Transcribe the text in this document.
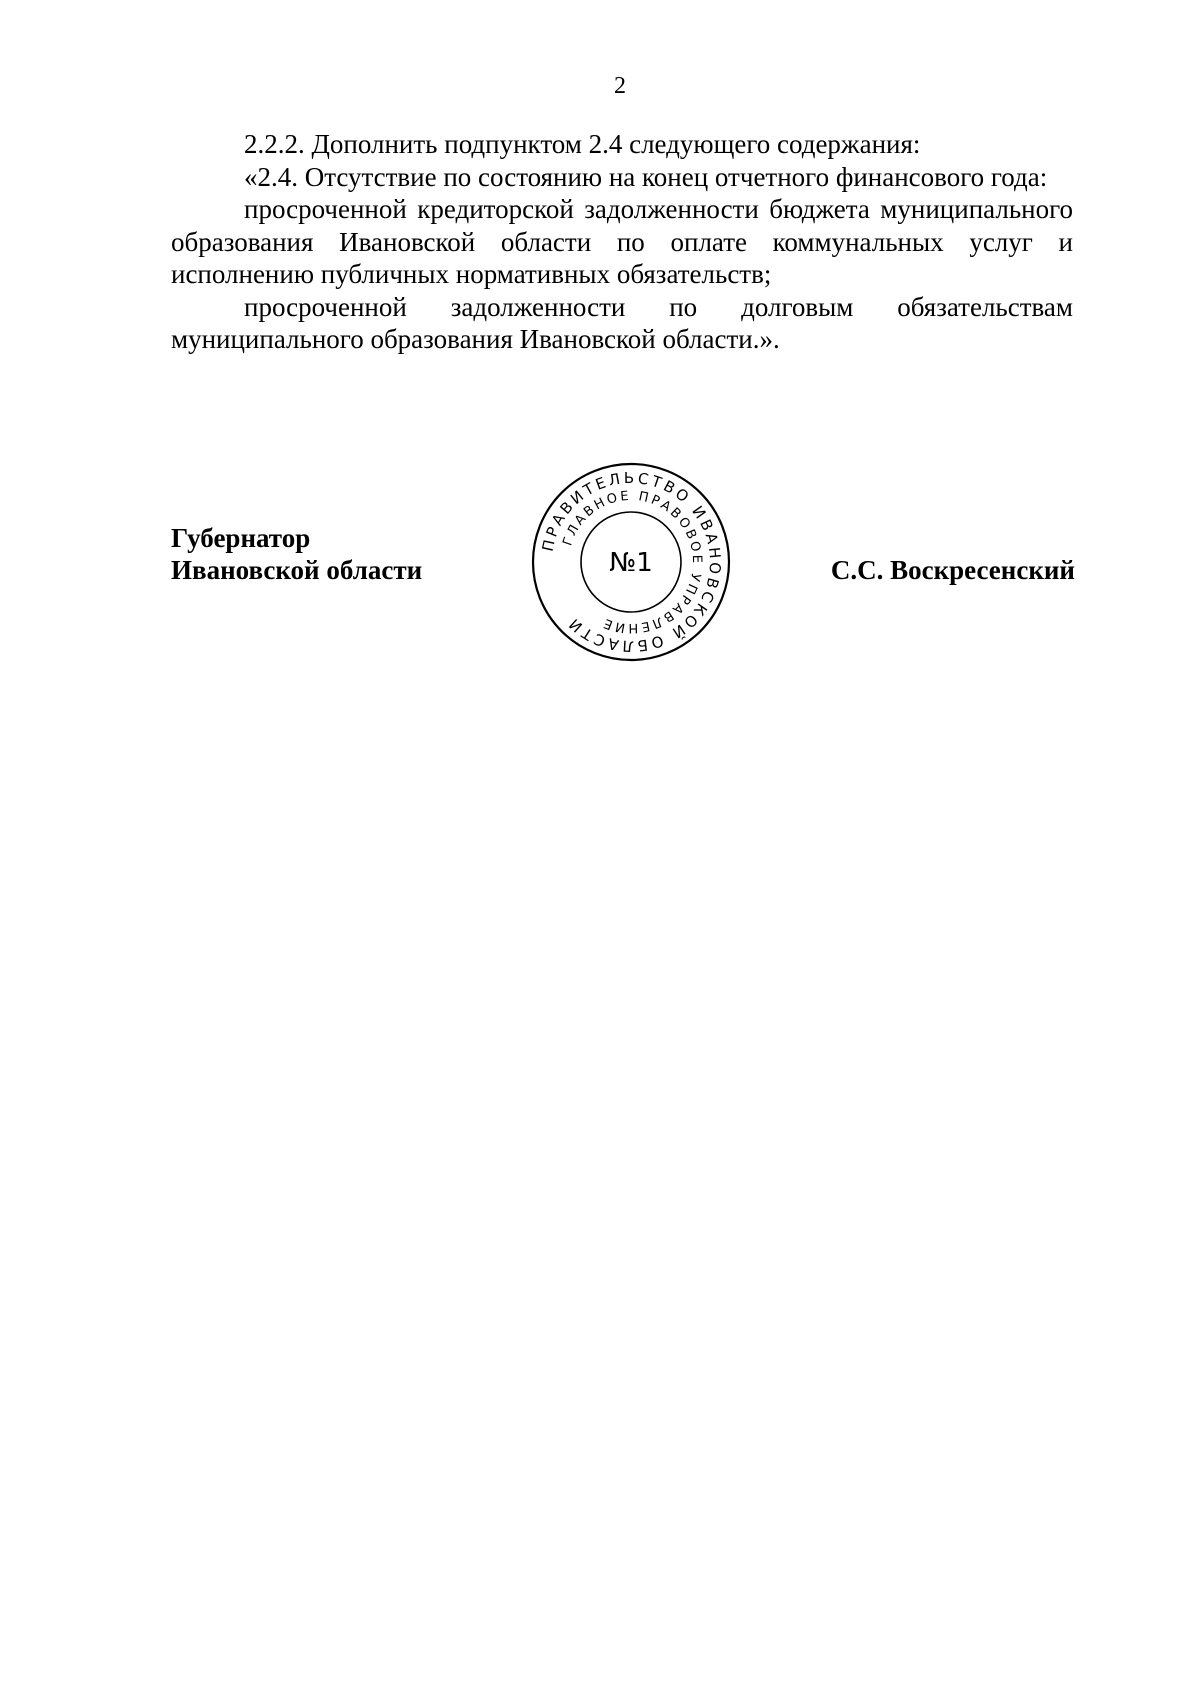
2

2.2.2. Дополнить подпунктом 2.4 следующего содержания:

«2.4. Отсутствие по состоянию на конец отчетного финансового года:

просроченной кредиторской задолженности бюджета муниципального образования Ивановской области по оплате коммунальных услуг и исполнению публичных нормативных обязательств;

просроченной задолженности по долговым обязательствам муниципального образования Ивановской области.».

Губернатор
Ивановской области
ПРАВИТЕЛЬСТВО ИВАНОВСКОЙ ОБЛАСТИ
ГЛАВНОЕ ПРАВОВОЕ УПРАВЛЕНИЕ
№1	С.С. Воскресенский
